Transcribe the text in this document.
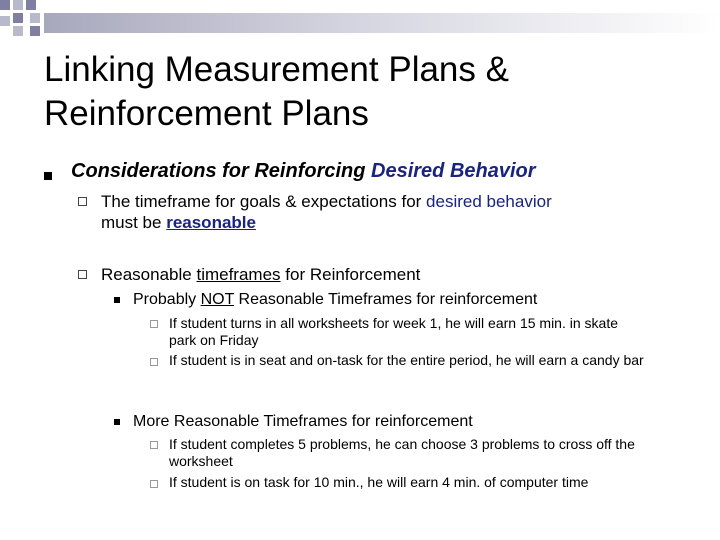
Linking Measurement Plans &
Reinforcement Plans
Considerations for Reinforcing Desired Behavior
The timeframe for goals & expectations for desired behavior
must be reasonable
Reasonable timeframes for Reinforcement
Probably NOT Reasonable Timeframes for reinforcement
If student turns in all worksheets for week 1, he will earn 15 min. in skate park on Friday
If student is in seat and on-task for the entire period, he will earn a candy bar
More Reasonable Timeframes for reinforcement
If student completes 5 problems, he can choose 3 problems to cross off the worksheet
If student is on task for 10 min., he will earn 4 min. of computer time
